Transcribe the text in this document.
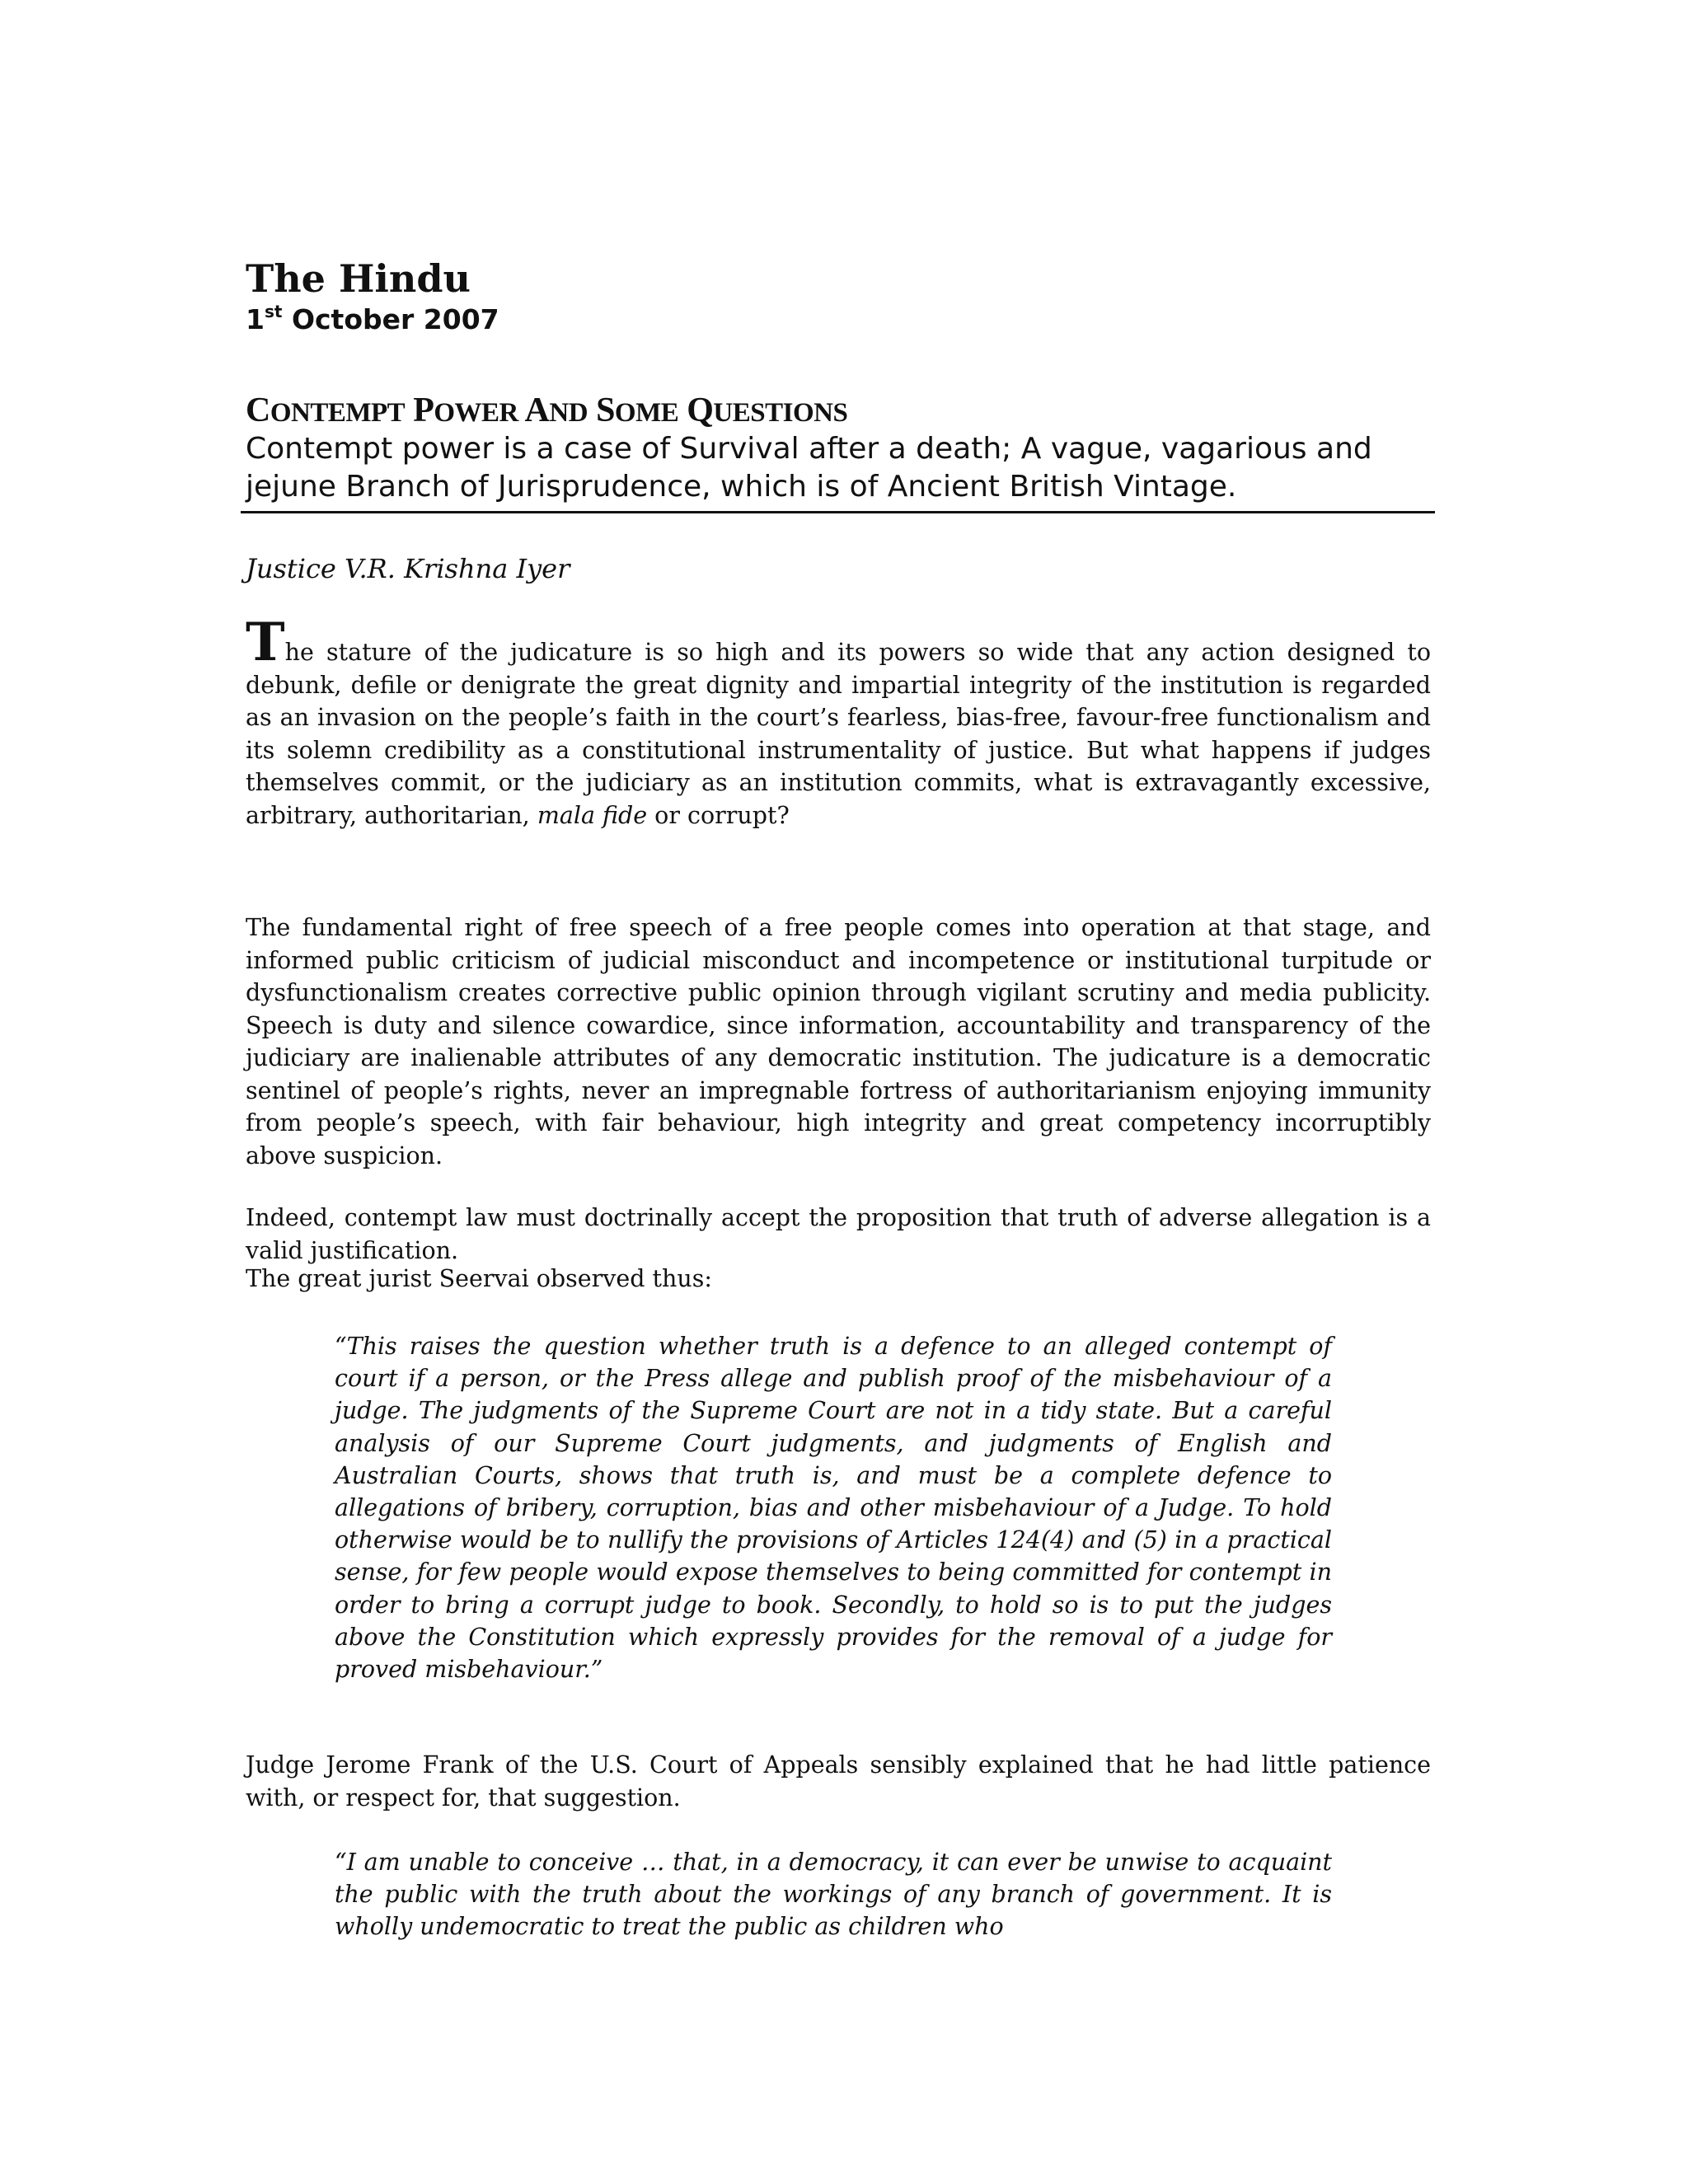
The Hindu
1st October 2007
CONTEMPT POWER AND SOME QUESTIONS

Contempt power is a case of Survival after a death; A vague, vagarious and jejune Branch of Jurisprudence, which is of Ancient British Vintage.

Justice V.R. Krishna Iyer

The stature of the judicature is so high and its powers so wide that any action designed to debunk, defile or denigrate the great dignity and impartial integrity of the institution is regarded as an invasion on the people’s faith in the court’s fearless, bias-free, favour-free functionalism and its solemn credibility as a constitutional instrumentality of justice. But what happens if judges themselves commit, or the judiciary as an institution commits, what is extravagantly excessive, arbitrary, authoritarian, mala fide or corrupt?

The fundamental right of free speech of a free people comes into operation at that stage, and informed public criticism of judicial misconduct and incompetence or institutional turpitude or dysfunctionalism creates corrective public opinion through vigilant scrutiny and media publicity. Speech is duty and silence cowardice, since information, accountability and transparency of the judiciary are inalienable attributes of any democratic institution. The judicature is a democratic sentinel of people’s rights, never an impregnable fortress of authoritarianism enjoying immunity from people’s speech, with fair behaviour, high integrity and great competency incorruptibly above suspicion.

Indeed, contempt law must doctrinally accept the proposition that truth of adverse allegation is a valid justification.

The great jurist Seervai observed thus:

“This raises the question whether truth is a defence to an alleged contempt of court if a person, or the Press allege and publish proof of the misbehaviour of a judge. The judgments of the Supreme Court are not in a tidy state. But a careful analysis of our Supreme Court judgments, and judgments of English and Australian Courts, shows that truth is, and must be a complete defence to allegations of bribery, corruption, bias and other misbehaviour of a Judge. To hold otherwise would be to nullify the provisions of Articles 124(4) and (5) in a practical sense, for few people would expose themselves to being committed for contempt in order to bring a corrupt judge to book. Secondly, to hold so is to put the judges above the Constitution which expressly provides for the removal of a judge for proved misbehaviour.”

Judge Jerome Frank of the U.S. Court of Appeals sensibly explained that he had little patience with, or respect for, that suggestion.

“I am unable to conceive … that, in a democracy, it can ever be unwise to acquaint the public with the truth about the workings of any branch of government. It is wholly undemocratic to treat the public as children who
